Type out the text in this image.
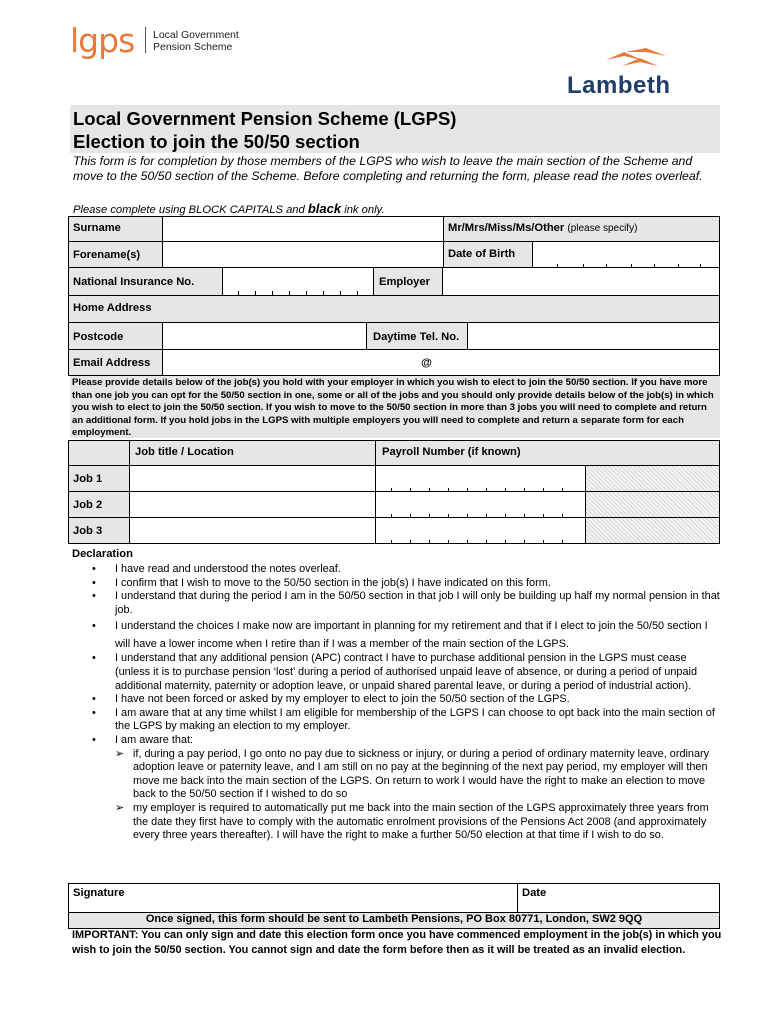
lgps Local Government
Pension Scheme
Lambeth
Local Government Pension Scheme (LGPS)
Election to join the 50/50 section
This form is for completion by those members of the LGPS who wish to leave the main section of the Scheme and move to the 50/50 section of the Scheme. Before completing and returning the form, please read the notes overleaf.
Please complete using BLOCK CAPITALS and black ink only.
Surname	Mr/Mrs/Miss/Ms/Other (please specify)
Forename(s)	Date of Birth
National Insurance No.	Employer
Home Address
Postcode	Daytime Tel. No.
Email Address	@
Please provide details below of the job(s) you hold with your employer in which you wish to elect to join the 50/50 section. If you have more than one job you can opt for the 50/50 section in one, some or all of the jobs and you should only provide details below of the job(s) in which you wish to elect to join the 50/50 section. If you wish to move to the 50/50 section in more than 3 jobs you will need to complete and return an additional form. If you hold jobs in the LGPS with multiple employers you will need to complete and return a separate form for each employment.
Job title / Location	Payroll Number (if known)
Job 1
Job 2
Job 3
Declaration
• I have read and understood the notes overleaf.
• I confirm that I wish to move to the 50/50 section in the job(s) I have indicated on this form.
• I understand that during the period I am in the 50/50 section in that job I will only be building up half my normal pension in that job.
• I understand the choices I make now are important in planning for my retirement and that if I elect to join the 50/50 section I will have a lower income when I retire than if I was a member of the main section of the LGPS.
• I understand that any additional pension (APC) contract I have to purchase additional pension in the LGPS must cease (unless it is to purchase pension ‘lost’ during a period of authorised unpaid leave of absence, or during a period of unpaid additional maternity, paternity or adoption leave, or unpaid shared parental leave, or during a period of industrial action).
• I have not been forced or asked by my employer to elect to join the 50/50 section of the LGPS.
• I am aware that at any time whilst I am eligible for membership of the LGPS I can choose to opt back into the main section of the LGPS by making an election to my employer.
• I am aware that:
➢ if, during a pay period, I go onto no pay due to sickness or injury, or during a period of ordinary maternity leave, ordinary adoption leave or paternity leave, and I am still on no pay at the beginning of the next pay period, my employer will then move me back into the main section of the LGPS. On return to work I would have the right to make an election to move back to the 50/50 section if I wished to do so
➢ my employer is required to automatically put me back into the main section of the LGPS approximately three years from the date they first have to comply with the automatic enrolment provisions of the Pensions Act 2008 (and approximately every three years thereafter). I will have the right to make a further 50/50 election at that time if I wish to do so.
Signature	Date
Once signed, this form should be sent to Lambeth Pensions, PO Box 80771, London, SW2 9QQ
IMPORTANT: You can only sign and date this election form once you have commenced employment in the job(s) in which you wish to join the 50/50 section. You cannot sign and date the form before then as it will be treated as an invalid election.
